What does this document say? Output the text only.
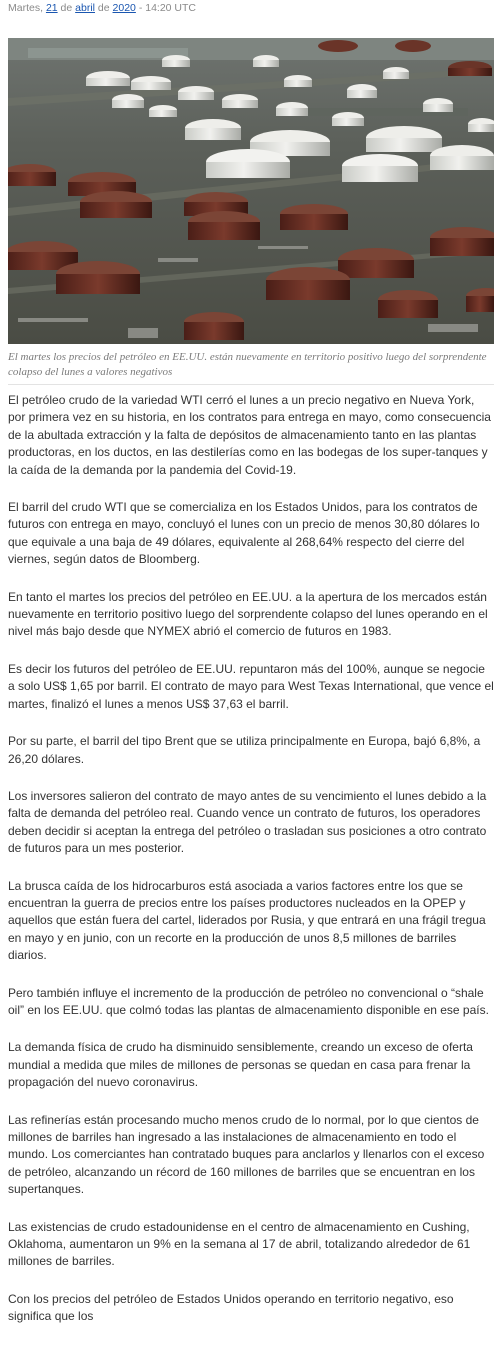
Martes, 21 de abril de 2020 - 14:20 UTC
El martes los precios del petróleo en EE.UU. están nuevamente en territorio positivo luego del sorprendente colapso del lunes a valores negativos

El petróleo crudo de la variedad WTI cerró el lunes a un precio negativo en Nueva York, por primera vez en su historia, en los contratos para entrega en mayo, como consecuencia de la abultada extracción y la falta de depósitos de almacenamiento tanto en las plantas productoras, en los ductos, en las destilerías como en las bodegas de los super-tanques y la caída de la demanda por la pandemia del Covid-19.

El barril del crudo WTI que se comercializa en los Estados Unidos, para los contratos de futuros con entrega en mayo, concluyó el lunes con un precio de menos 30,80 dólares lo que equivale a una baja de 49 dólares, equivalente al 268,64% respecto del cierre del viernes, según datos de Bloomberg.

En tanto el martes los precios del petróleo en EE.UU. a la apertura de los mercados están nuevamente en territorio positivo luego del sorprendente colapso del lunes operando en el nivel más bajo desde que NYMEX abrió el comercio de futuros en 1983.

Es decir los futuros del petróleo de EE.UU. repuntaron más del 100%, aunque se negocie a solo US$ 1,65 por barril. El contrato de mayo para West Texas International, que vence el martes, finalizó el lunes a menos US$ 37,63 el barril.

Por su parte, el barril del tipo Brent que se utiliza principalmente en Europa, bajó 6,8%, a 26,20 dólares.

Los inversores salieron del contrato de mayo antes de su vencimiento el lunes debido a la falta de demanda del petróleo real. Cuando vence un contrato de futuros, los operadores deben decidir si aceptan la entrega del petróleo o trasladan sus posiciones a otro contrato de futuros para un mes posterior.

La brusca caída de los hidrocarburos está asociada a varios factores entre los que se encuentran la guerra de precios entre los países productores nucleados en la OPEP y aquellos que están fuera del cartel, liderados por Rusia, y que entrará en una frágil tregua en mayo y en junio, con un recorte en la producción de unos 8,5 millones de barriles diarios.

Pero también influye el incremento de la producción de petróleo no convencional o “shale oil” en los EE.UU. que colmó todas las plantas de almacenamiento disponible en ese país.

La demanda física de crudo ha disminuido sensiblemente, creando un exceso de oferta mundial a medida que miles de millones de personas se quedan en casa para frenar la propagación del nuevo coronavirus.

Las refinerías están procesando mucho menos crudo de lo normal, por lo que cientos de millones de barriles han ingresado a las instalaciones de almacenamiento en todo el mundo. Los comerciantes han contratado buques para anclarlos y llenarlos con el exceso de petróleo, alcanzando un récord de 160 millones de barriles que se encuentran en los supertanques.

Las existencias de crudo estadounidense en el centro de almacenamiento en Cushing, Oklahoma, aumentaron un 9% en la semana al 17 de abril, totalizando alrededor de 61 millones de barriles.

Con los precios del petróleo de Estados Unidos operando en territorio negativo, eso significa que los
